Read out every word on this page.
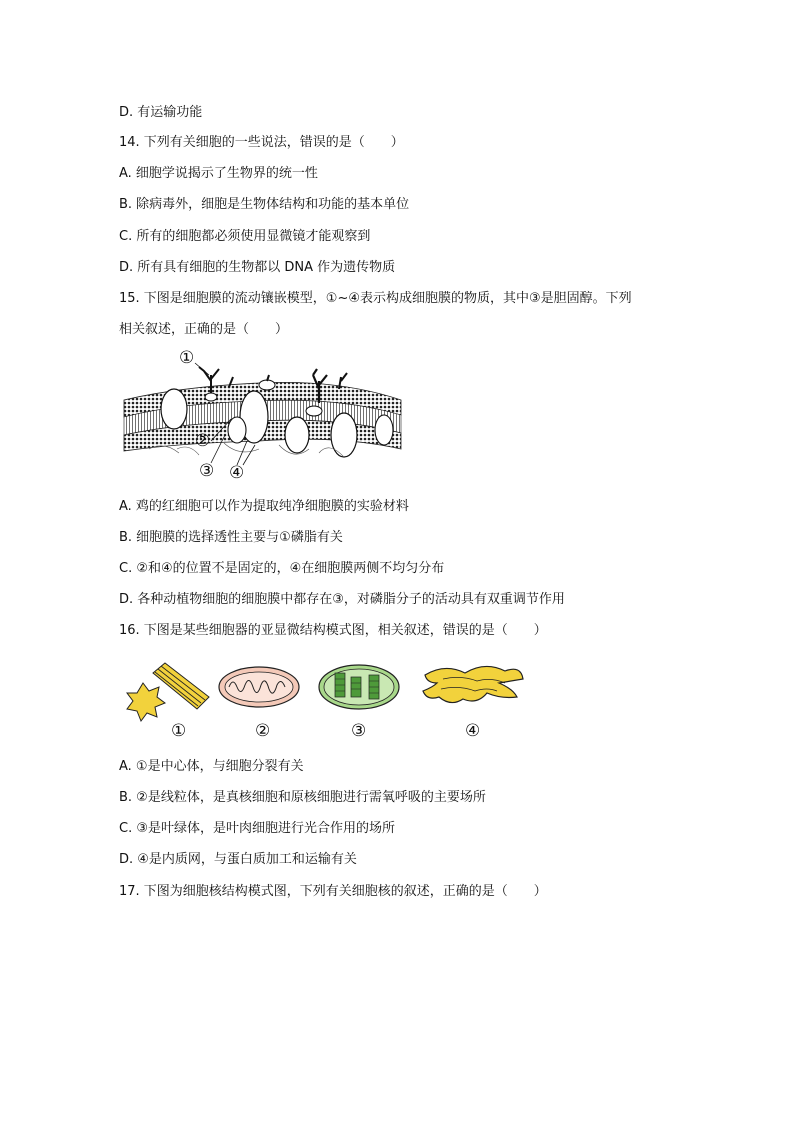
D. 有运输功能
14. 下列有关细胞的一些说法，错误的是（　　）
A. 细胞学说揭示了生物界的统一性
B. 除病毒外，细胞是生物体结构和功能的基本单位
C. 所有的细胞都必须使用显微镜才能观察到
D. 所有具有细胞的生物都以 DNA 作为遗传物质
15. 下图是细胞膜的流动镶嵌模型，①~④表示构成细胞膜的物质，其中③是胆固醇。下列
相关叙述，正确的是（　　）
①
②
③ ④
A. 鸡的红细胞可以作为提取纯净细胞膜的实验材料
B. 细胞膜的选择透性主要与①磷脂有关
C. ②和④的位置不是固定的，④在细胞膜两侧不均匀分布
D. 各种动植物细胞的细胞膜中都存在③，对磷脂分子的活动具有双重调节作用
16. 下图是某些细胞器的亚显微结构模式图，相关叙述，错误的是（　　）
①	②	③	④
A. ①是中心体，与细胞分裂有关
B. ②是线粒体，是真核细胞和原核细胞进行需氧呼吸的主要场所
C. ③是叶绿体，是叶肉细胞进行光合作用的场所
D. ④是内质网，与蛋白质加工和运输有关
17. 下图为细胞核结构模式图，下列有关细胞核的叙述，正确的是（　　）
